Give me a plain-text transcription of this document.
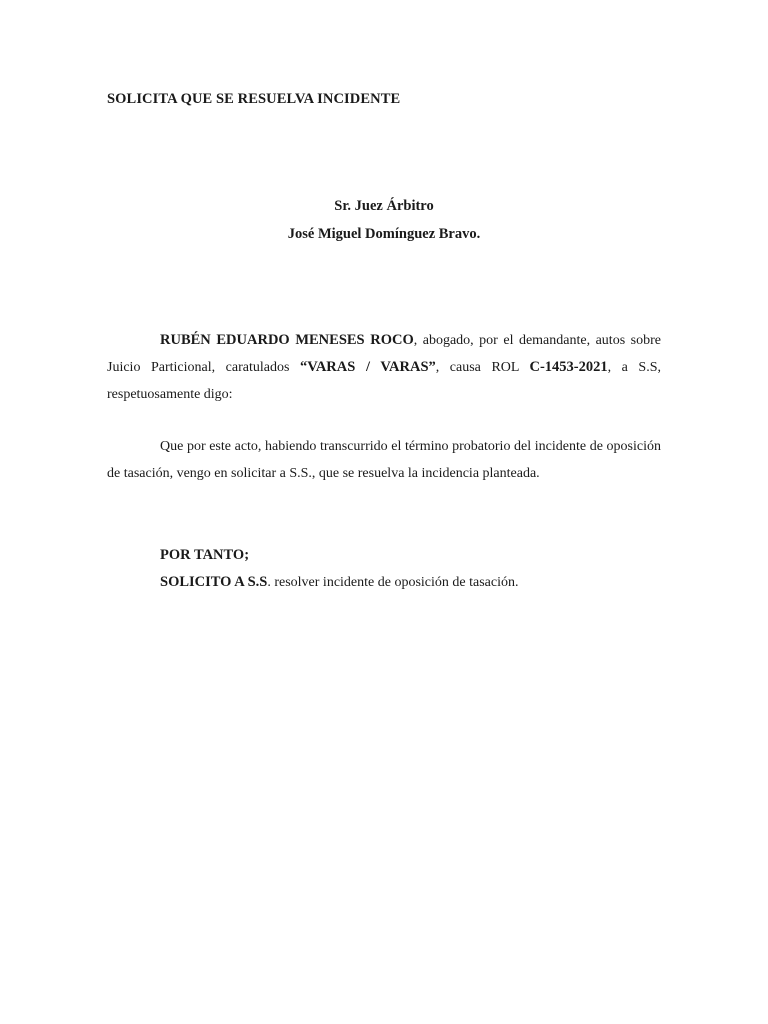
SOLICITA QUE SE RESUELVA INCIDENTE
Sr. Juez Árbitro
José Miguel Domínguez Bravo.
RUBÉN EDUARDO MENESES ROCO, abogado, por el demandante, autos sobre Juicio Particional, caratulados “VARAS / VARAS”, causa ROL C-1453-2021, a S.S, respetuosamente digo:
Que por este acto, habiendo transcurrido el término probatorio del incidente de oposición de tasación, vengo en solicitar a S.S., que se resuelva la incidencia planteada.
POR TANTO;
SOLICITO A S.S. resolver incidente de oposición de tasación.
